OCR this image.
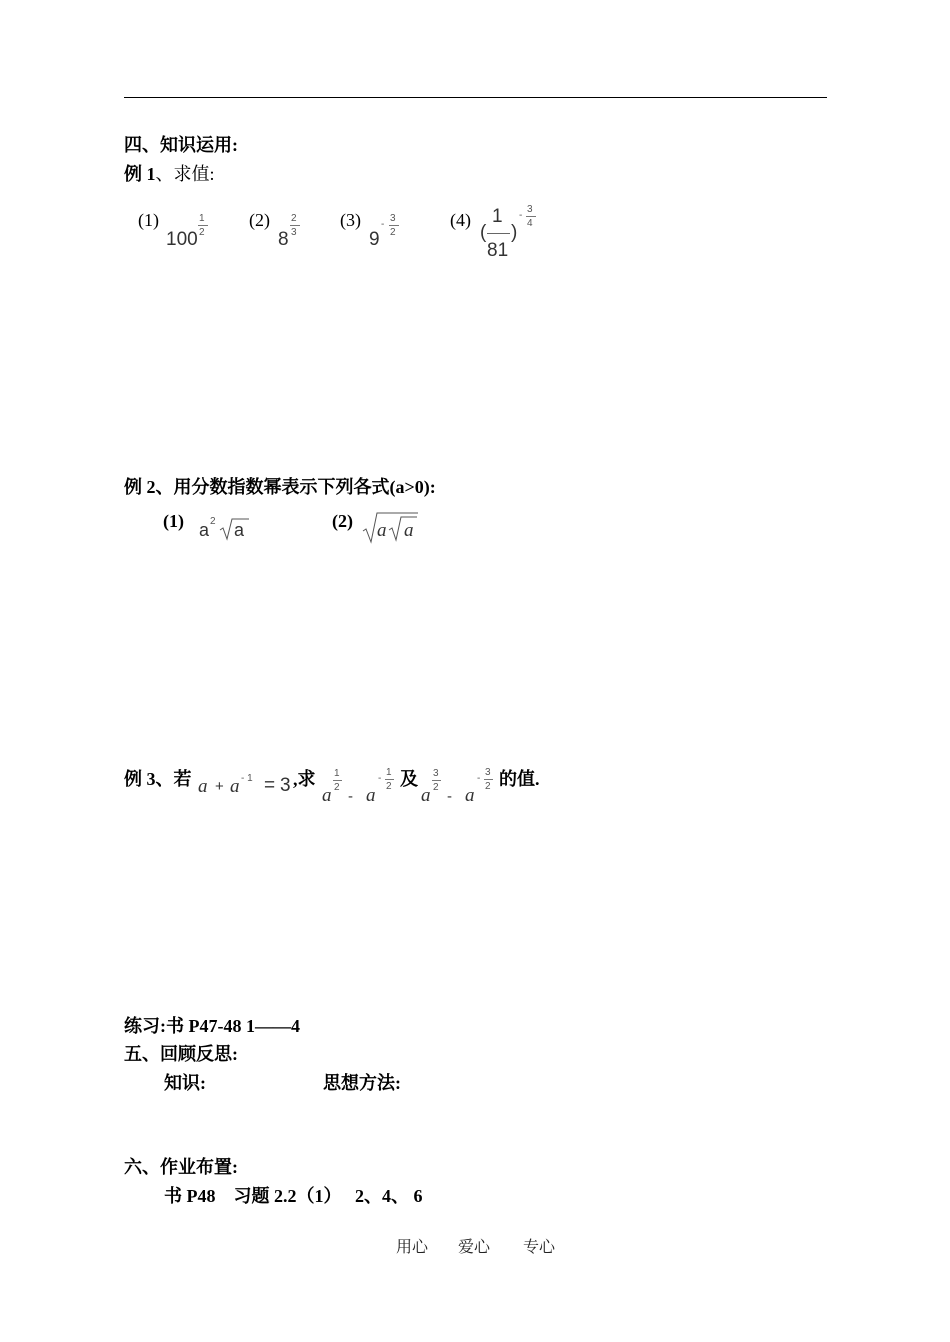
四、知识运用:
例 1、求值:
(1)
100
1
2
(2)
8
2
3
(3)
9
-
3
2
(4)
(
1
81
)
-
3
4
例 2、用分数指数幂表示下列各式(a>0):
(1) a 2 a	(2) a a
例 3、若 a + a - 1 = 3 ,求
a
1
2
- a
-
1
2 及
a
3
2
- a
-
3
2 的值.
练习:书 P47-48 1——4
五、回顾反思:
知识:	思想方法:
六、作业布置:
书 P48    习题 2.2（1）   2、4、 6
用心 爱心 专心
